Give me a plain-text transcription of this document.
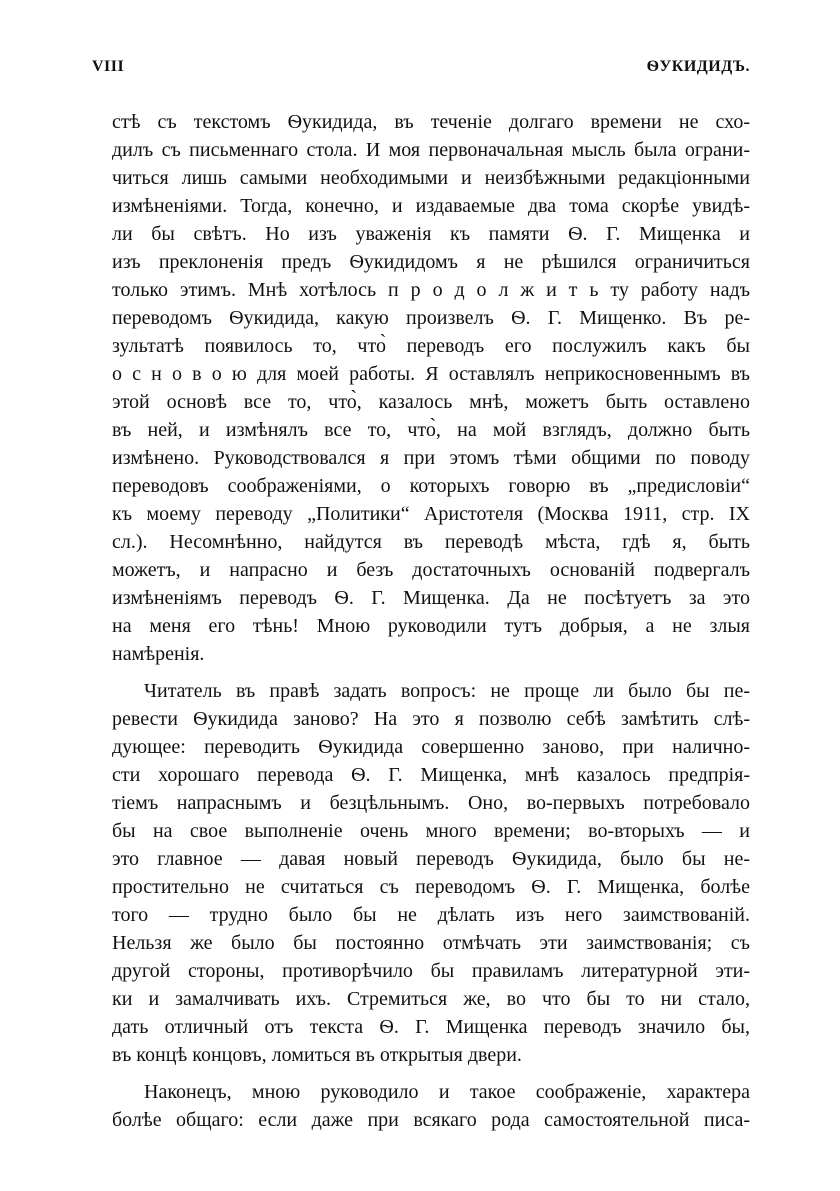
VIII	ѲУКИДИДЪ.
стѣ съ текстомъ Ѳукидида, въ теченіе долгаго времени не схо-
дилъ съ письменнаго стола. И моя первоначальная мысль была ограни-
читься лишь самыми необходимыми и неизбѣжными редакціонными
измѣненіями. Тогда, конечно, и издаваемые два тома скорѣе увидѣ-
ли бы свѣтъ. Но изъ уваженія къ памяти Ѳ. Г. Мищенка и
изъ преклоненія предъ Ѳукидидомъ я не рѣшился ограничиться
только этимъ. Мнѣ хотѣлось п р о д о л ж и т ь ту работу надъ
переводомъ Ѳукидида, какую произвелъ Ѳ. Г. Мищенко. Въ ре-
зультатѣ появилось то, что̀ переводъ его послужилъ какъ бы
о с н о в о ю для моей работы. Я оставлялъ неприкосновеннымъ въ
этой основѣ все то, что̀, казалось мнѣ, можетъ быть оставлено
въ ней, и измѣнялъ все то, что̀, на мой взглядъ, должно быть
измѣнено. Руководствовался я при этомъ тѣми общими по поводу
переводовъ соображеніями, о которыхъ говорю въ „предисловіи“
къ моему переводу „Политики“ Аристотеля (Москва 1911, стр. IX
сл.). Несомнѣнно, найдутся въ переводѣ мѣста, гдѣ я, быть
можетъ, и напрасно и безъ достаточныхъ основаній подвергалъ
измѣненіямъ переводъ Ѳ. Г. Мищенка. Да не посѣтуетъ за это
на меня его тѣнь! Мною руководили тутъ добрыя, а не злыя
намѣренія.
Читатель въ правѣ задать вопросъ: не проще ли было бы пе-
ревести Ѳукидида заново? На это я позволю себѣ замѣтить слѣ-
дующее: переводить Ѳукидида совершенно заново, при налично-
сти хорошаго перевода Ѳ. Г. Мищенка, мнѣ казалось предпрія-
тіемъ напраснымъ и безцѣльнымъ. Оно, во-первыхъ потребовало
бы на свое выполненіе очень много времени; во-вторыхъ — и
это главное — давая новый переводъ Ѳукидида, было бы не-
простительно не считаться съ переводомъ Ѳ. Г. Мищенка, болѣе
того — трудно было бы не дѣлать изъ него заимствованій.
Нельзя же было бы постоянно отмѣчать эти заимствованія; съ
другой стороны, противорѣчило бы правиламъ литературной эти-
ки и замалчивать ихъ. Стремиться же, во что бы то ни стало,
дать отличный отъ текста Ѳ. Г. Мищенка переводъ значило бы,
въ концѣ концовъ, ломиться въ открытыя двери.
Наконецъ, мною руководило и такое соображеніе, характера
болѣе общаго: если даже при всякаго рода самостоятельной писа-
